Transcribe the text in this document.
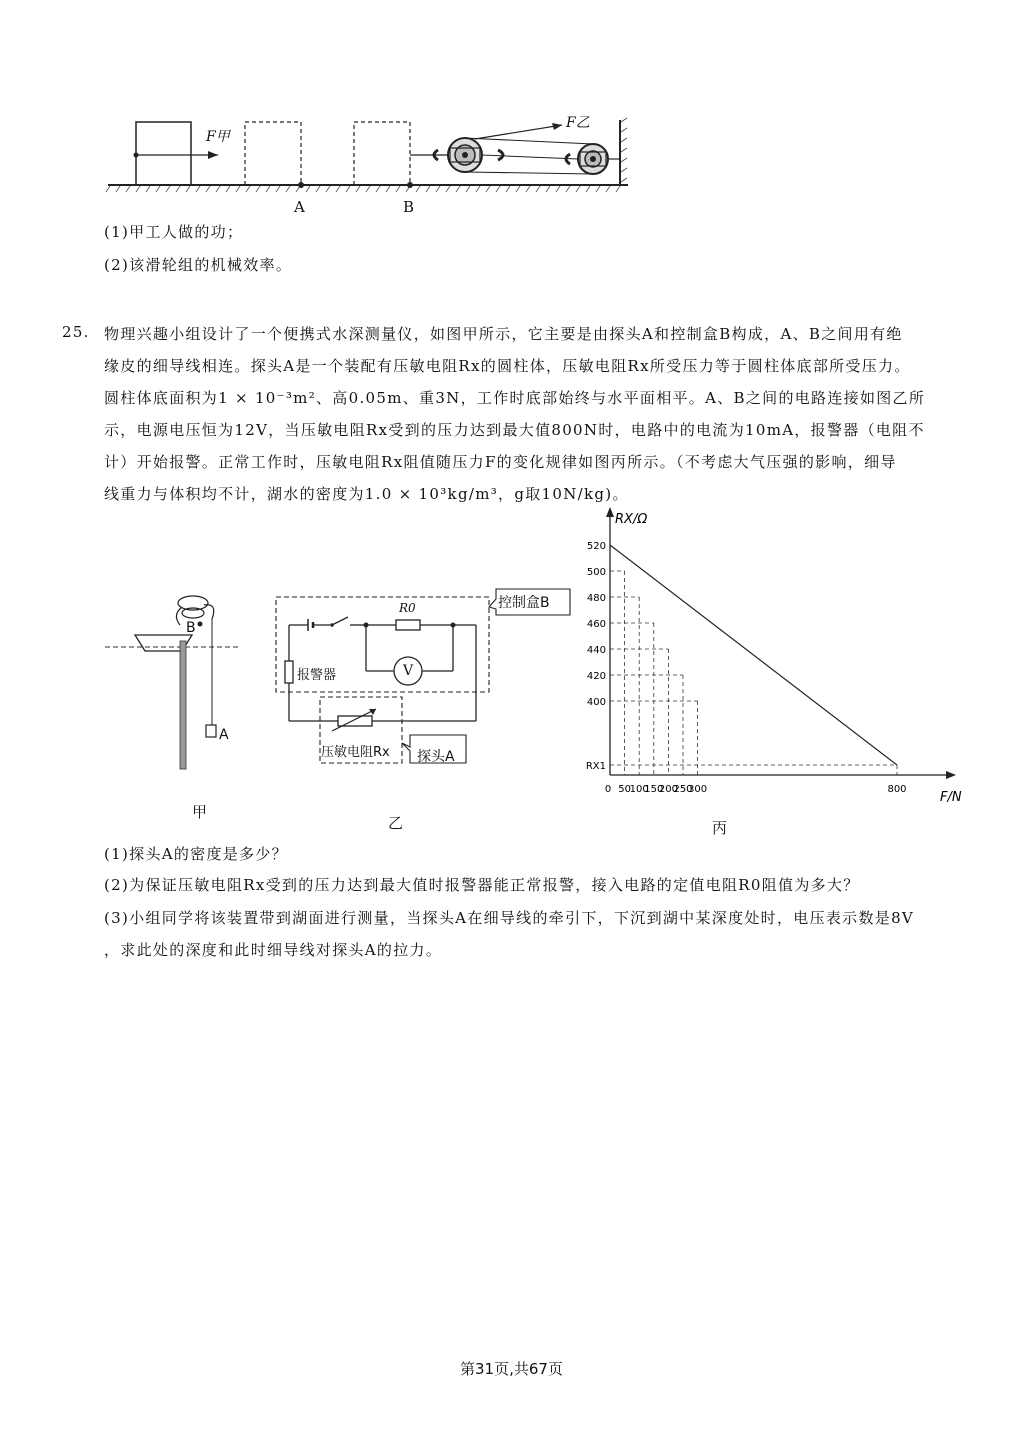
F甲
F乙
A	B
(1)甲工人做的功；
(2)该滑轮组的机械效率。
25. 物理兴趣小组设计了一个便携式水深测量仪，如图甲所示，它主要是由探头A和控制盒B构成，A、B之间用有绝
缘皮的细导线相连。探头A是一个装配有压敏电阻Rx的圆柱体，压敏电阻Rx所受压力等于圆柱体底部所受压力。
圆柱体底面积为1 × 10⁻³m²、高0.05m、重3N，工作时底部始终与水平面相平。A、B之间的电路连接如图乙所
示，电源电压恒为12V，当压敏电阻Rx受到的压力达到最大值800N时，电路中的电流为10mA，报警器（电阻不
计）开始报警。正常工作时，压敏电阻Rx阻值随压力F的变化规律如图丙所示。（不考虑大气压强的影响，细导
线重力与体积均不计，湖水的密度为1.0 × 10³kg/m³，g取10N/kg)。
B
A
甲
控制盒B
R0
V
报警器
压敏电阻Rx 探头A
乙
0 50
100
150
200
250
300	800
520
500
480
460
440
420
400
RX1
RX/Ω
F/N
丙
(1)探头A的密度是多少？
(2)为保证压敏电阻Rx受到的压力达到最大值时报警器能正常报警，接入电路的定值电阻R0阻值为多大？
(3)小组同学将该装置带到湖面进行测量，当探头A在细导线的牵引下，下沉到湖中某深度处时，电压表示数是8V
，求此处的深度和此时细导线对探头A的拉力。
第31页,共67页
